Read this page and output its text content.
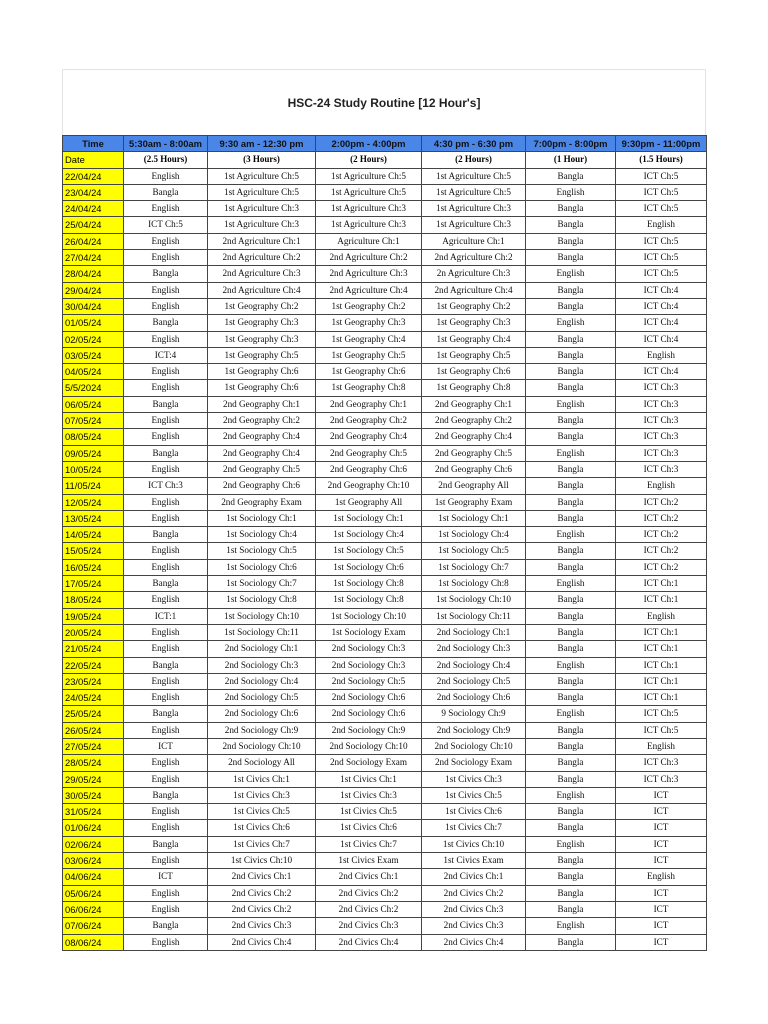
HSC-24 Study Routine [12 Hour's]
Time	5:30am - 8:00am	9:30 am - 12:30 pm	2:00pm - 4:00pm	4:30 pm - 6:30 pm	7:00pm - 8:00pm	9:30pm - 11:00pm
Date	(2.5 Hours)	(3 Hours)	(2 Hours)	(2 Hours)	(1 Hour)	(1.5 Hours)
22/04/24	English	1st Agriculture Ch:5	1st Agriculture Ch:5	1st Agriculture Ch:5	Bangla	ICT Ch:5
23/04/24	Bangla	1st Agriculture Ch:5	1st Agriculture Ch:5	1st Agriculture Ch:5	English	ICT Ch:5
24/04/24	English	1st Agriculture Ch:3	1st Agriculture Ch:3	1st Agriculture Ch:3	Bangla	ICT Ch:5
25/04/24	ICT Ch:5	1st Agriculture Ch:3	1st Agriculture Ch:3	1st Agriculture Ch:3	Bangla	English
26/04/24	English	2nd Agriculture Ch:1	Agriculture Ch:1	Agriculture Ch:1	Bangla	ICT Ch:5
27/04/24	English	2nd Agriculture Ch:2	2nd Agriculture Ch:2	2nd Agriculture Ch:2	Bangla	ICT Ch:5
28/04/24	Bangla	2nd Agriculture Ch:3	2nd Agriculture Ch:3	2n Agriculture Ch:3	English	ICT Ch:5
29/04/24	English	2nd Agriculture Ch:4	2nd Agriculture Ch:4	2nd Agriculture Ch:4	Bangla	ICT Ch:4
30/04/24	English	1st Geography Ch:2	1st Geography Ch:2	1st Geography Ch:2	Bangla	ICT Ch:4
01/05/24	Bangla	1st Geography Ch:3	1st Geography Ch:3	1st Geography Ch:3	English	ICT Ch:4
02/05/24	English	1st Geography Ch:3	1st Geography Ch:4	1st Geography Ch:4	Bangla	ICT Ch:4
03/05/24	ICT:4	1st Geography Ch:5	1st Geography Ch:5	1st Geography Ch:5	Bangla	English
04/05/24	English	1st Geography Ch:6	1st Geography Ch:6	1st Geography Ch:6	Bangla	ICT Ch:4
5/5/2024	English	1st Geography Ch:6	1st Geography Ch:8	1st Geography Ch:8	Bangla	ICT Ch:3
06/05/24	Bangla	2nd Geography Ch:1	2nd Geography Ch:1	2nd Geography Ch:1	English	ICT Ch:3
07/05/24	English	2nd Geography Ch:2	2nd Geography Ch:2	2nd Geography Ch:2	Bangla	ICT Ch:3
08/05/24	English	2nd Geography Ch:4	2nd Geography Ch:4	2nd Geography Ch:4	Bangla	ICT Ch:3
09/05/24	Bangla	2nd Geography Ch:4	2nd Geography Ch:5	2nd Geography Ch:5	English	ICT Ch:3
10/05/24	English	2nd Geography Ch:5	2nd Geography Ch:6	2nd Geography Ch:6	Bangla	ICT Ch:3
11/05/24	ICT Ch:3	2nd Geography Ch:6	2nd Geography Ch:10	2nd Geography All	Bangla	English
12/05/24	English	2nd Geography Exam	1st Geography All	1st Geography Exam	Bangla	ICT Ch:2
13/05/24	English	1st Sociology Ch:1	1st Sociology Ch:1	1st Sociology Ch:1	Bangla	ICT Ch:2
14/05/24	Bangla	1st Sociology Ch:4	1st Sociology Ch:4	1st Sociology Ch:4	English	ICT Ch:2
15/05/24	English	1st Sociology Ch:5	1st Sociology Ch:5	1st Sociology Ch:5	Bangla	ICT Ch:2
16/05/24	English	1st Sociology Ch:6	1st Sociology Ch:6	1st Sociology Ch:7	Bangla	ICT Ch:2
17/05/24	Bangla	1st Sociology Ch:7	1st Sociology Ch:8	1st Sociology Ch:8	English	ICT Ch:1
18/05/24	English	1st Sociology Ch:8	1st Sociology Ch:8	1st Sociology Ch:10	Bangla	ICT Ch:1
19/05/24	ICT:1	1st Sociology Ch:10	1st Sociology Ch:10	1st Sociology Ch:11	Bangla	English
20/05/24	English	1st Sociology Ch:11	1st Sociology Exam	2nd Sociology Ch:1	Bangla	ICT Ch:1
21/05/24	English	2nd Sociology Ch:1	2nd Sociology Ch:3	2nd Sociology Ch:3	Bangla	ICT Ch:1
22/05/24	Bangla	2nd Sociology Ch:3	2nd Sociology Ch:3	2nd Sociology Ch:4	English	ICT Ch:1
23/05/24	English	2nd Sociology Ch:4	2nd Sociology Ch:5	2nd Sociology Ch:5	Bangla	ICT Ch:1
24/05/24	English	2nd Sociology Ch:5	2nd Sociology Ch:6	2nd Sociology Ch:6	Bangla	ICT Ch:1
25/05/24	Bangla	2nd Sociology Ch:6	2nd Sociology Ch:6	9 Sociology Ch:9	English	ICT Ch:5
26/05/24	English	2nd Sociology Ch:9	2nd Sociology Ch:9	2nd Sociology Ch:9	Bangla	ICT Ch:5
27/05/24	ICT	2nd Sociology Ch:10	2nd Sociology Ch:10	2nd Sociology Ch:10	Bangla	English
28/05/24	English	2nd Sociology All	2nd Sociology Exam	2nd Sociology Exam	Bangla	ICT Ch:3
29/05/24	English	1st Civics Ch:1	1st Civics Ch:1	1st Civics Ch:3	Bangla	ICT Ch:3
30/05/24	Bangla	1st Civics Ch:3	1st Civics Ch:3	1st Civics Ch:5	English	ICT
31/05/24	English	1st Civics Ch:5	1st Civics Ch:5	1st Civics Ch:6	Bangla	ICT
01/06/24	English	1st Civics Ch:6	1st Civics Ch:6	1st Civics Ch:7	Bangla	ICT
02/06/24	Bangla	1st Civics Ch:7	1st Civics Ch:7	1st Civics Ch:10	English	ICT
03/06/24	English	1st Civics Ch:10	1st Civics Exam	1st Civics Exam	Bangla	ICT
04/06/24	ICT	2nd Civics Ch:1	2nd Civics Ch:1	2nd Civics Ch:1	Bangla	English
05/06/24	English	2nd Civics Ch:2	2nd Civics Ch:2	2nd Civics Ch:2	Bangla	ICT
06/06/24	English	2nd Civics Ch:2	2nd Civics Ch:2	2nd Civics Ch:3	Bangla	ICT
07/06/24	Bangla	2nd Civics Ch:3	2nd Civics Ch:3	2nd Civics Ch:3	English	ICT
08/06/24	English	2nd Civics Ch:4	2nd Civics Ch:4	2nd Civics Ch:4	Bangla	ICT
